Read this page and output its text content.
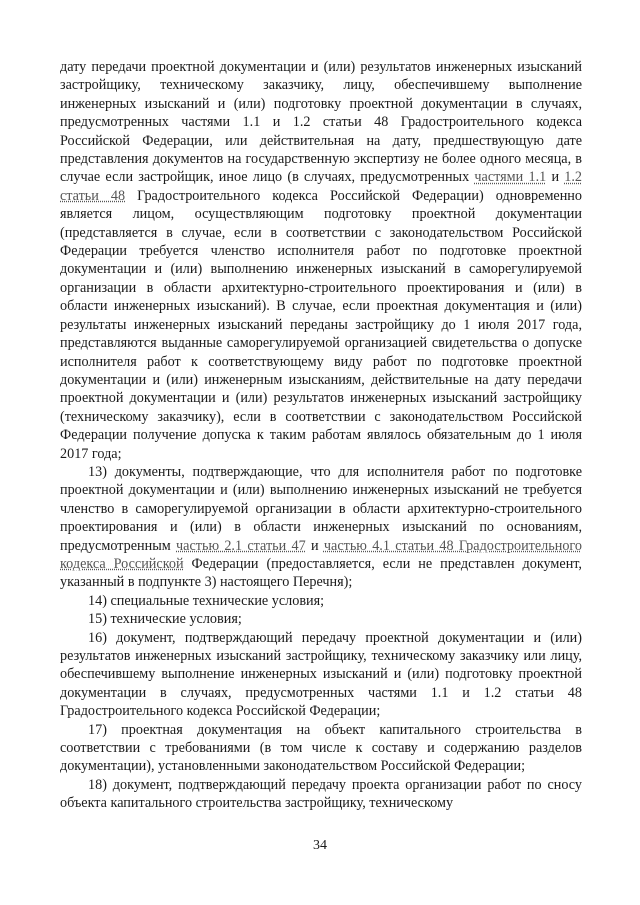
дату передачи проектной документации и (или) результатов инженерных изысканий застройщику, техническому заказчику, лицу, обеспечившему выполнение инженерных изысканий и (или) подготовку проектной документации в случаях, предусмотренных частями 1.1 и 1.2 статьи 48 Градостроительного кодекса Российской Федерации, или действительная на дату, предшествующую дате представления документов на государственную экспертизу не более одного месяца, в случае если застройщик, иное лицо (в случаях, предусмотренных частями 1.1 и 1.2 статьи 48 Градостроительного кодекса Российской Федерации) одновременно является лицом, осуществляющим подготовку проектной документации (представляется в случае, если в соответствии с законодательством Российской Федерации требуется членство исполнителя работ по подготовке проектной документации и (или) выполнению инженерных изысканий в саморегулируемой организации в области архитектурно-строительного проектирования и (или) в области инженерных изысканий). В случае, если проектная документация и (или) результаты инженерных изысканий переданы застройщику до 1 июля 2017 года, представляются выданные саморегулируемой организацией свидетельства о допуске исполнителя работ к соответствующему виду работ по подготовке проектной документации и (или) инженерным изысканиям, действительные на дату передачи проектной документации и (или) результатов инженерных изысканий застройщику (техническому заказчику), если в соответствии с законодательством Российской Федерации получение допуска к таким работам являлось обязательным до 1 июля 2017 года;

13) документы, подтверждающие, что для исполнителя работ по подготовке проектной документации и (или) выполнению инженерных изысканий не требуется членство в саморегулируемой организации в области архитектурно-строительного проектирования и (или) в области инженерных изысканий по основаниям, предусмотренным частью 2.1 статьи 47 и частью 4.1 статьи 48 Градостроительного кодекса Российской Федерации (предоставляется, если не представлен документ, указанный в подпункте 3) настоящего Перечня);

14) специальные технические условия;

15) технические условия;

16) документ, подтверждающий передачу проектной документации и (или) результатов инженерных изысканий застройщику, техническому заказчику или лицу, обеспечившему выполнение инженерных изысканий и (или) подготовку проектной документации в случаях, предусмотренных частями 1.1 и 1.2 статьи 48 Градостроительного кодекса Российской Федерации;

17) проектная документация на объект капитального строительства в соответствии с требованиями (в том числе к составу и содержанию разделов документации), установленными законодательством Российской Федерации;

18) документ, подтверждающий передачу проекта организации работ по сносу объекта капитального строительства застройщику, техническому

34
